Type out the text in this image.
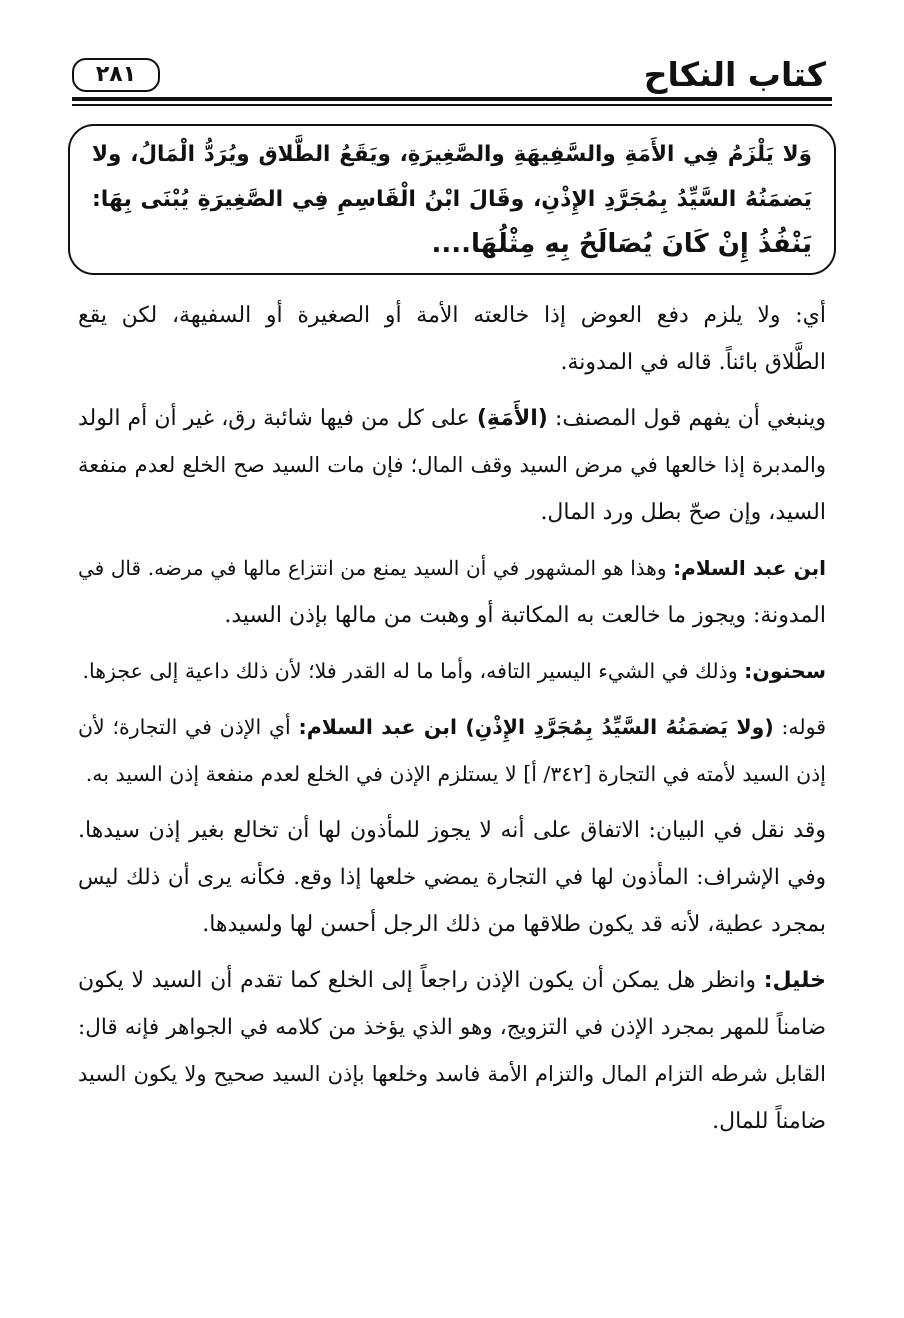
كتاب النكاح
٢٨١
وَلا يَلْزَمُ فِي الأَمَةِ والسَّفِيهَةِ والصَّغِيرَةِ، ويَقَعُ الطَّلاق ويُرَدُّ الْمَالُ، ولا
يَضمَنُهُ السَّيِّدُ بِمُجَرَّدِ الإِذْنِ، وقَالَ ابْنُ الْقَاسِمِ فِي الصَّغِيرَةِ يُبْنَى بِهَا:
يَنْفُذُ إِنْ كَانَ يُصَالَحُ بِهِ مِثْلُهَا....
أي: ولا يلزم دفع العوض إذا خالعته الأمة أو الصغيرة أو السفيهة، لكن يقع
الطَّلاق بائناً. قاله في المدونة.
وينبغي أن يفهم قول المصنف: (الأَمَةِ) على كل من فيها شائبة رق، غير أن أم الولد
والمدبرة إذا خالعها في مرض السيد وقف المال؛ فإن مات السيد صح الخلع لعدم منفعة
السيد، وإن صحّ بطل ورد المال.
ابن عبد السلام: وهذا هو المشهور في أن السيد يمنع من انتزاع مالها في مرضه. قال في
المدونة: ويجوز ما خالعت به المكاتبة أو وهبت من مالها بإذن السيد.
سحنون: وذلك في الشيء اليسير التافه، وأما ما له القدر فلا؛ لأن ذلك داعية إلى عجزها.
قوله: (ولا يَضمَنُهُ السَّيِّدُ بِمُجَرَّدِ الإِذْنِ) ابن عبد السلام: أي الإذن في التجارة؛ لأن
إذن السيد لأمته في التجارة [٣٤٢/ أ] لا يستلزم الإذن في الخلع لعدم منفعة إذن السيد به.
وقد نقل في البيان: الاتفاق على أنه لا يجوز للمأذون لها أن تخالع بغير إذن سيدها.
وفي الإشراف: المأذون لها في التجارة يمضي خلعها إذا وقع. فكأنه يرى أن ذلك ليس
بمجرد عطية، لأنه قد يكون طلاقها من ذلك الرجل أحسن لها ولسيدها.
خليل: وانظر هل يمكن أن يكون الإذن راجعاً إلى الخلع كما تقدم أن السيد لا يكون
ضامناً للمهر بمجرد الإذن في التزويج، وهو الذي يؤخذ من كلامه في الجواهر فإنه قال:
القابل شرطه التزام المال والتزام الأمة فاسد وخلعها بإذن السيد صحيح ولا يكون السيد
ضامناً للمال.
